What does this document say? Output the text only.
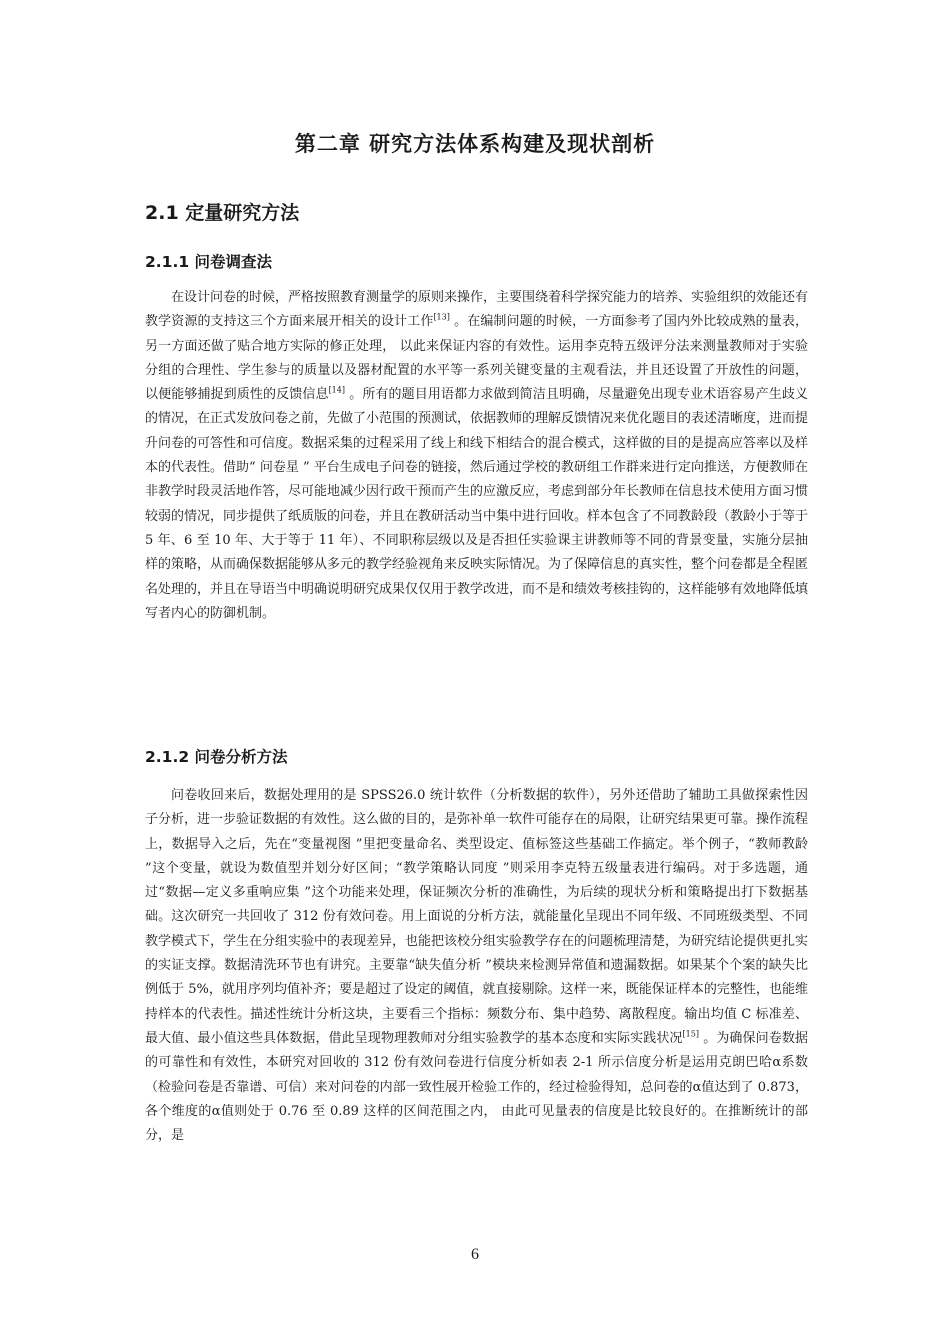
第二章 研究方法体系构建及现状剖析
2.1 定量研究方法
2.1.1 问卷调查法

在设计问卷的时候，严格按照教育测量学的原则来操作，主要围绕着科学探究能力的培养、实验组织的效能还有教学资源的支持这三个方面来展开相关的设计工作[13] 。在编制问题的时候，一方面参考了国内外比较成熟的量表，另一方面还做了贴合地方实际的修正处理， 以此来保证内容的有效性。运用李克特五级评分法来测量教师对于实验分组的合理性、学生参与的质量以及器材配置的水平等一系列关键变量的主观看法，并且还设置了开放性的问题， 以便能够捕捉到质性的反馈信息[14] 。所有的题目用语都力求做到简洁且明确，尽量避免出现专业术语容易产生歧义的情况，在正式发放问卷之前，先做了小范围的预测试，依据教师的理解反馈情况来优化题目的表述清晰度，进而提升问卷的可答性和可信度。数据采集的过程采用了线上和线下相结合的混合模式，这样做的目的是提高应答率以及样本的代表性。借助“ 问卷星 ” 平台生成电子问卷的链接，然后通过学校的教研组工作群来进行定向推送，方便教师在非教学时段灵活地作答，尽可能地减少因行政干预而产生的应激反应，考虑到部分年长教师在信息技术使用方面习惯较弱的情况，同步提供了纸质版的问卷，并且在教研活动当中集中进行回收。样本包含了不同教龄段（教龄小于等于 5 年、6 至 10 年、大于等于 11 年）、不同职称层级以及是否担任实验课主讲教师等不同的背景变量，实施分层抽样的策略，从而确保数据能够从多元的教学经验视角来反映实际情况。为了保障信息的真实性，整个问卷都是全程匿名处理的，并且在导语当中明确说明研究成果仅仅用于教学改进，而不是和绩效考核挂钩的，这样能够有效地降低填写者内心的防御机制。

2.1.2 问卷分析方法

问卷收回来后，数据处理用的是 SPSS26.0 统计软件（分析数据的软件），另外还借助了辅助工具做探索性因子分析，进一步验证数据的有效性。这么做的目的，是弥补单一软件可能存在的局限，让研究结果更可靠。操作流程上，数据导入之后，先在“变量视图 ”里把变量命名、类型设定、值标签这些基础工作搞定。举个例子，“教师教龄 ”这个变量，就设为数值型并划分好区间；“教学策略认同度 ”则采用李克特五级量表进行编码。对于多选题，通过“数据—定义多重响应集 ”这个功能来处理，保证频次分析的准确性，为后续的现状分析和策略提出打下数据基础。这次研究一共回收了 312 份有效问卷。用上面说的分析方法，就能量化呈现出不同年级、不同班级类型、不同教学模式下，学生在分组实验中的表现差异，也能把该校分组实验教学存在的问题梳理清楚，为研究结论提供更扎实的实证支撑。数据清洗环节也有讲究。主要靠“缺失值分析 ”模块来检测异常值和遗漏数据。如果某个个案的缺失比例低于 5%，就用序列均值补齐；要是超过了设定的阈值，就直接剔除。这样一来，既能保证样本的完整性，也能维持样本的代表性。描述性统计分析这块，主要看三个指标：频数分布、集中趋势、离散程度。输出均值 C 标准差、最大值、最小值这些具体数据，借此呈现物理教师对分组实验教学的基本态度和实际实践状况[15] 。为确保问卷数据的可靠性和有效性，本研究对回收的 312 份有效问卷进行信度分析如表 2-1 所示信度分析是运用克朗巴哈α系数（检验问卷是否靠谱、可信）来对问卷的内部一致性展开检验工作的，经过检验得知，总问卷的α值达到了 0.873，各个维度的α值则处于 0.76 至 0.89 这样的区间范围之内， 由此可见量表的信度是比较良好的。在推断统计的部分，是

6
